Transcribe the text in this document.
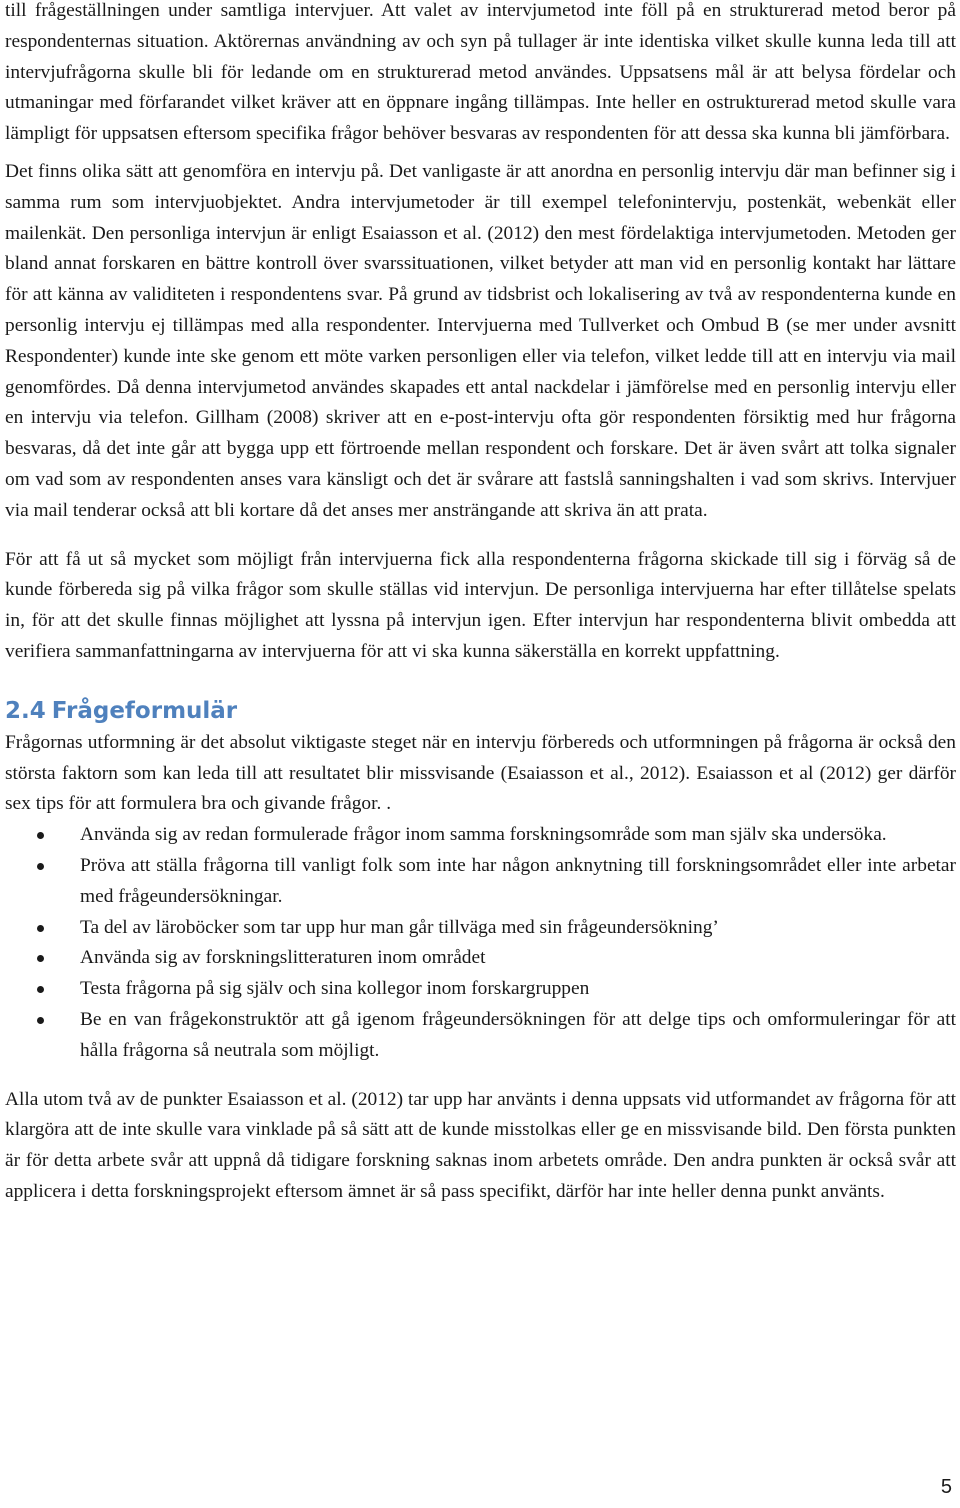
till frågeställningen under samtliga intervjuer. Att valet av intervjumetod inte föll på en strukturerad metod beror på respondenternas situation. Aktörernas användning av och syn på tullager är inte identiska vilket skulle kunna leda till att intervjufrågorna skulle bli för ledande om en strukturerad metod användes. Uppsatsens mål är att belysa fördelar och utmaningar med förfarandet vilket kräver att en öppnare ingång tillämpas. Inte heller en ostrukturerad metod skulle vara lämpligt för uppsatsen eftersom specifika frågor behöver besvaras av respondenten för att dessa ska kunna bli jämförbara.

Det finns olika sätt att genomföra en intervju på. Det vanligaste är att anordna en personlig intervju där man befinner sig i samma rum som intervjuobjektet. Andra intervjumetoder är till exempel telefonintervju, postenkät, webenkät eller mailenkät. Den personliga intervjun är enligt Esaiasson et al. (2012) den mest fördelaktiga intervjumetoden. Metoden ger bland annat forskaren en bättre kontroll över svarssituationen, vilket betyder att man vid en personlig kontakt har lättare för att känna av validiteten i respondentens svar. På grund av tidsbrist och lokalisering av två av respondenterna kunde en personlig intervju ej tillämpas med alla respondenter. Intervjuerna med Tullverket och Ombud B (se mer under avsnitt Respondenter) kunde inte ske genom ett möte varken personligen eller via telefon, vilket ledde till att en intervju via mail genomfördes. Då denna intervjumetod användes skapades ett antal nackdelar i jämförelse med en personlig intervju eller en intervju via telefon. Gillham (2008) skriver att en e-post-intervju ofta gör respondenten försiktig med hur frågorna besvaras, då det inte går att bygga upp ett förtroende mellan respondent och forskare. Det är även svårt att tolka signaler om vad som av respondenten anses vara känsligt och det är svårare att fastslå sanningshalten i vad som skrivs. Intervjuer via mail tenderar också att bli kortare då det anses mer ansträngande att skriva än att prata.

För att få ut så mycket som möjligt från intervjuerna fick alla respondenterna frågorna skickade till sig i förväg så de kunde förbereda sig på vilka frågor som skulle ställas vid intervjun. De personliga intervjuerna har efter tillåtelse spelats in, för att det skulle finnas möjlighet att lyssna på intervjun igen. Efter intervjun har respondenterna blivit ombedda att verifiera sammanfattningarna av intervjuerna för att vi ska kunna säkerställa en korrekt uppfattning.

2.4 Frågeformulär

Frågornas utformning är det absolut viktigaste steget när en intervju förbereds och utformningen på frågorna är också den största faktorn som kan leda till att resultatet blir missvisande (Esaiasson et al., 2012). Esaiasson et al (2012) ger därför sex tips för att formulera bra och givande frågor. .

Använda sig av redan formulerade frågor inom samma forskningsområde som man själv ska undersöka.
Pröva att ställa frågorna till vanligt folk som inte har någon anknytning till forskningsområdet eller inte arbetar med frågeundersökningar.
Ta del av läroböcker som tar upp hur man går tillväga med sin frågeundersökning’
Använda sig av forskningslitteraturen inom området
Testa frågorna på sig själv och sina kollegor inom forskargruppen
Be en van frågekonstruktör att gå igenom frågeundersökningen för att delge tips och omformuleringar för att hålla frågorna så neutrala som möjligt.

Alla utom två av de punkter Esaiasson et al. (2012) tar upp har använts i denna uppsats vid utformandet av frågorna för att klargöra att de inte skulle vara vinklade på så sätt att de kunde misstolkas eller ge en missvisande bild. Den första punkten är för detta arbete svår att uppnå då tidigare forskning saknas inom arbetets område. Den andra punkten är också svår att applicera i detta forskningsprojekt eftersom ämnet är så pass specifikt, därför har inte heller denna punkt använts.

5
